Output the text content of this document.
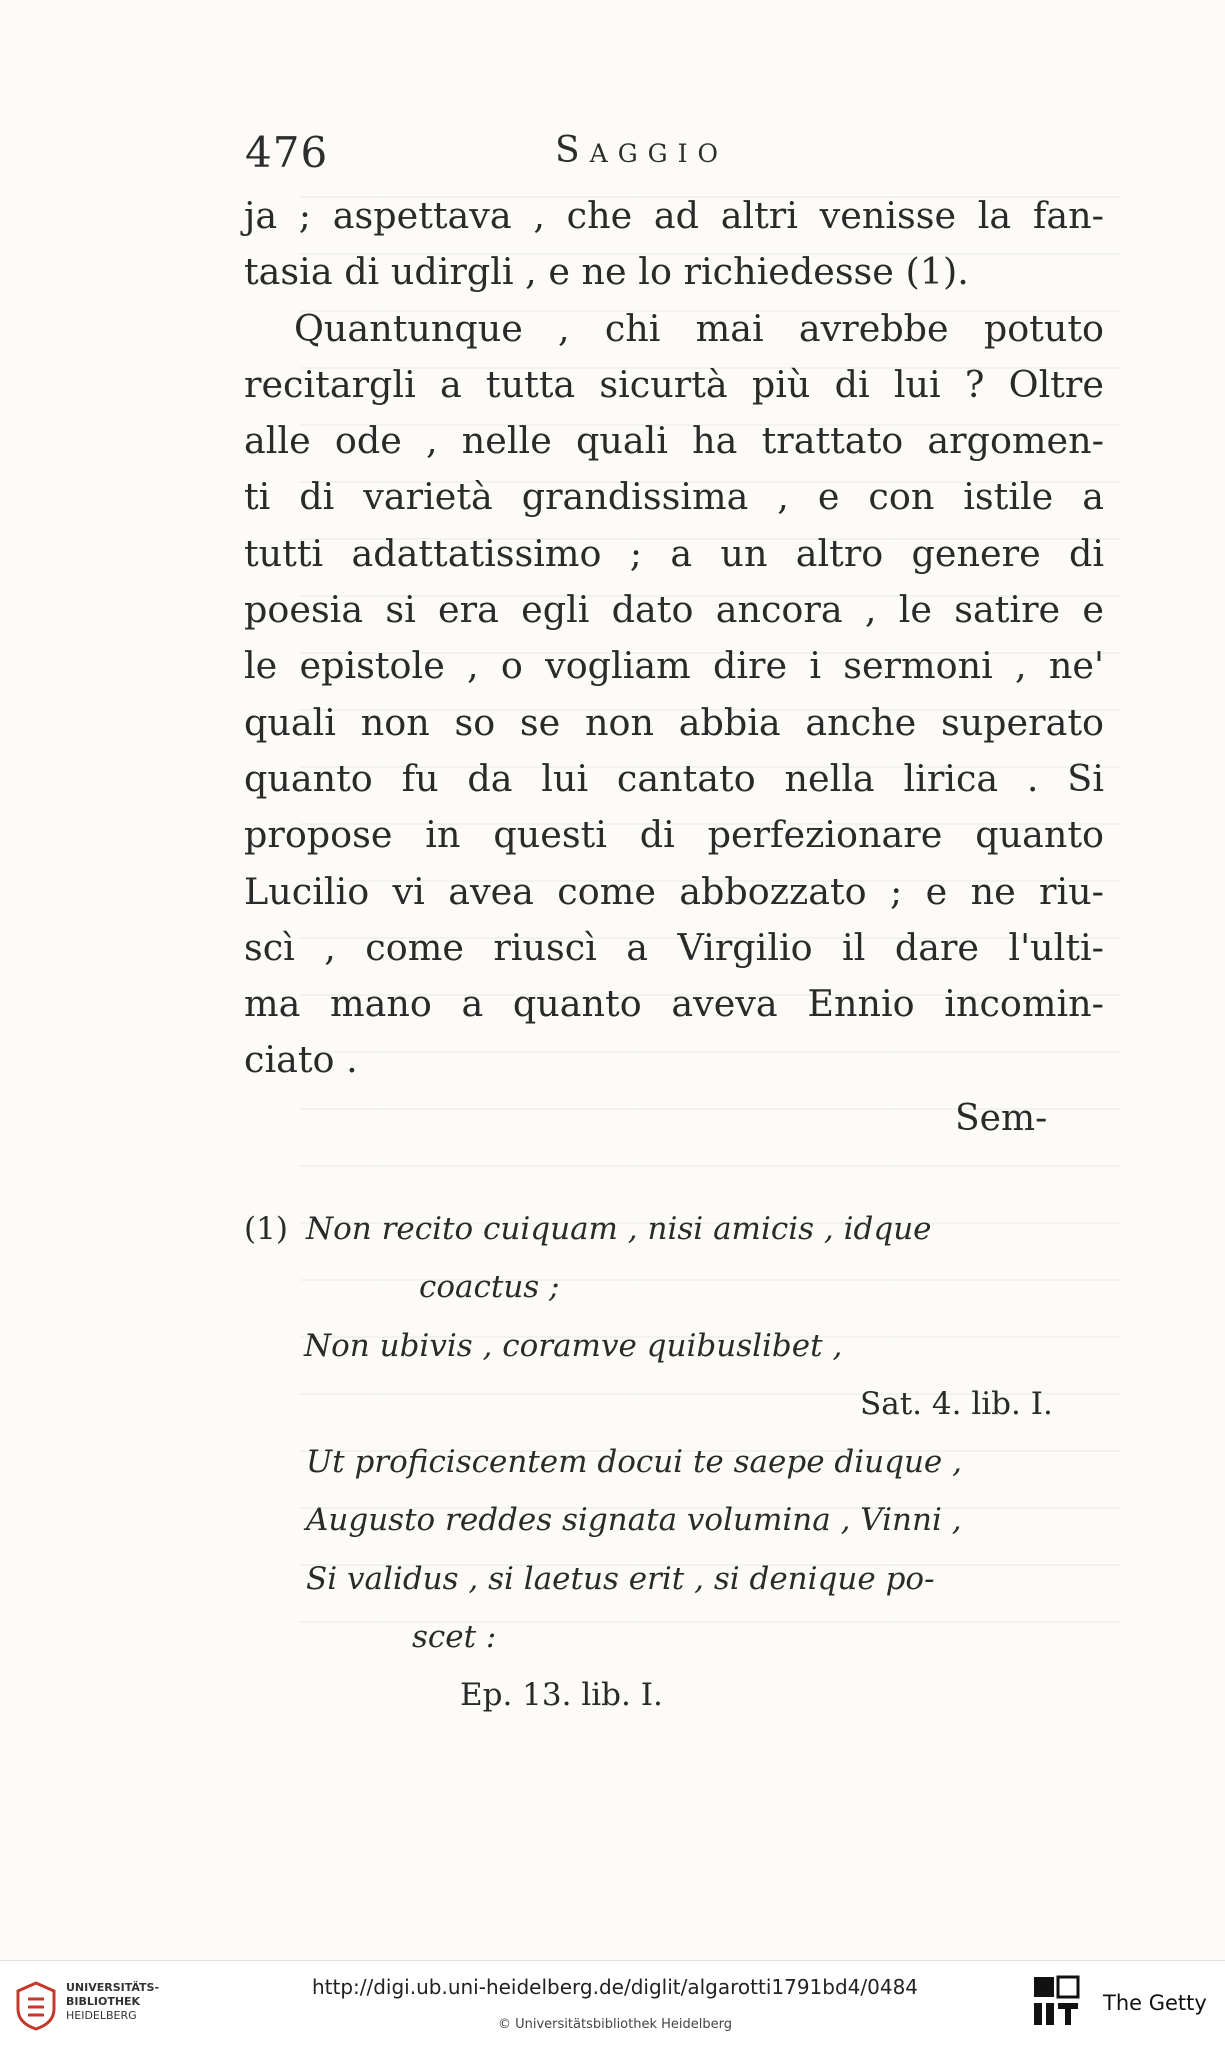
476	Saggio
ja ; aspettava , che ad altri venisse la fan-
tasia di udirgli , e ne lo richiedesse (1).
Quantunque , chi mai avrebbe potuto
recitargli a tutta sicurtà più di lui ? Oltre
alle ode , nelle quali ha trattato argomen-
ti di varietà grandissima , e con istile a
tutti adattatissimo ; a un altro genere di
poesia si era egli dato ancora , le satire e
le epistole , o vogliam dire i sermoni , ne'
quali non so se non abbia anche superato
quanto fu da lui cantato nella lirica . Si
propose in questi di perfezionare quanto
Lucilio vi avea come abbozzato ; e ne riu-
scì , come riuscì a Virgilio il dare l'ulti-
ma mano a quanto aveva Ennio incomin-
ciato .
Sem-
(1) Non recito cuiquam , nisi amicis , idque
coactus ;
Non ubivis , coramve quibuslibet ,
Sat. 4. lib. I.
Ut proficiscentem docui te saepe diuque ,
Augusto reddes signata volumina , Vinni ,
Si validus , si laetus erit , si denique po-
scet :
Ep. 13. lib. I.
UNIVERSITÄTS-
BIBLIOTHEK
HEIDELBERG
http://digi.ub.uni-heidelberg.de/diglit/algarotti1791bd4/0484
© Universitätsbibliothek Heidelberg
The Getty
